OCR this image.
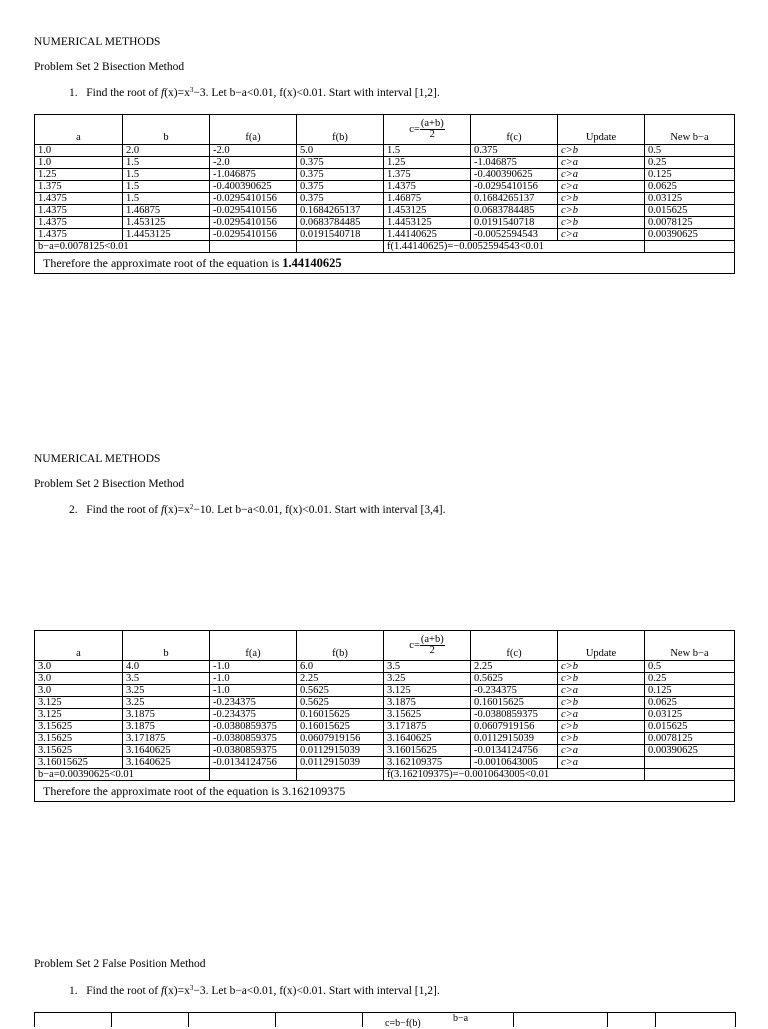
NUMERICAL METHODS
Problem Set 2 Bisection Method
1. Find the root of $f(x)=x^3-3$. Let b−a<0.01, f(x)<0.01. Start with interval [1,2].
a	b	f(a)	f(b)	$c= \frac{(a+b)}{2}$	f(c)	Update	New b−a
1.0	2.0	-2.0	5.0	1.5	0.375	c>b	0.5
1.0	1.5	-2.0	0.375	1.25	-1.046875	c>a	0.25
1.25	1.5	-1.046875	0.375	1.375	-0.400390625	c>a	0.125
1.375	1.5	-0.400390625	0.375	1.4375	-0.0295410156	c>a	0.0625
1.4375	1.5	-0.0295410156	0.375	1.46875	0.1684265137	c>b	0.03125
1.4375	1.46875	-0.0295410156	0.1684265137	1.453125	0.0683784485	c>b	0.015625
1.4375	1.453125	-0.0295410156	0.0683784485	1.4453125	0.0191540718	c>b	0.0078125
1.4375	1.4453125	-0.0295410156	0.0191540718	1.44140625	-0.0052594543	c>a	0.00390625
b−a=0.0078125<0.01				f(1.44140625)=−0.0052594543<0.01			
Therefore the approximate root of the equation is 1.44140625							
NUMERICAL METHODS
Problem Set 2 Bisection Method
2. Find the root of $f(x)=x^2-10$. Let b−a<0.01, f(x)<0.01. Start with interval [3,4].
a	b	f(a)	f(b)	$c= \frac{(a+b)}{2}$	f(c)	Update	New b−a
3.0	4.0	-1.0	6.0	3.5	2.25	c>b	0.5
3.0	3.5	-1.0	2.25	3.25	0.5625	c>b	0.25
3.0	3.25	-1.0	0.5625	3.125	-0.234375	c>a	0.125
3.125	3.25	-0.234375	0.5625	3.1875	0.16015625	c>b	0.0625
3.125	3.1875	-0.234375	0.16015625	3.15625	-0.0380859375	c>a	0.03125
3.15625	3.1875	-0.0380859375	0.16015625	3.171875	0.0607919156	c>b	0.015625
3.15625	3.171875	-0.0380859375	0.0607919156	3.1640625	0.0112915039	c>b	0.0078125
3.15625	3.1640625	-0.0380859375	0.0112915039	3.16015625	-0.0134124756	c>a	0.00390625
3.16015625	3.1640625	-0.0134124756	0.0112915039	3.162109375	-0.0010643005	c>a	
b−a=0.00390625<0.01				f(3.162109375)=−0.0010643005<0.01			
Therefore the approximate root of the equation is 3.162109375							
Problem Set 2 False Position Method
1. Find the root of $f(x)=x^3-3$. Let b−a<0.01, f(x)<0.01. Start with interval [1,2].
c=b−f(b)	b−a
